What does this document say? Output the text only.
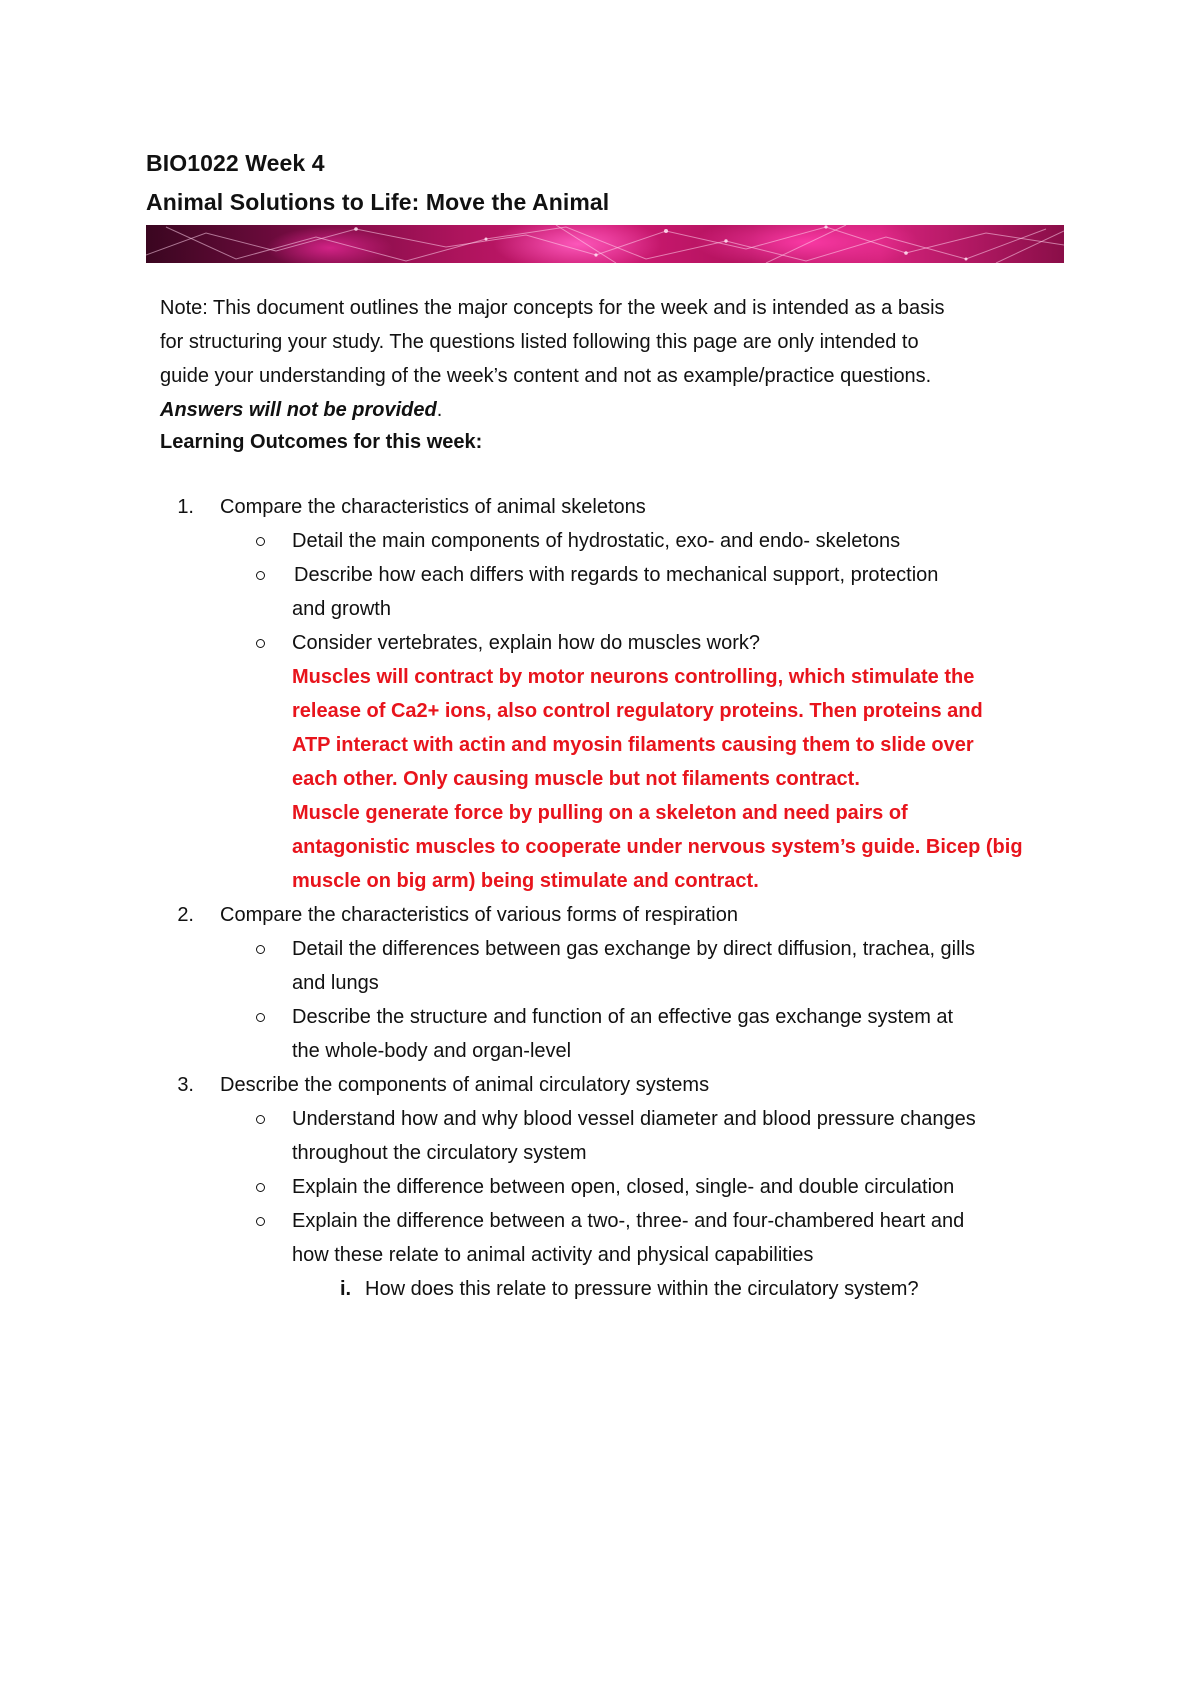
BIO1022 Week 4
Animal Solutions to Life: Move the Animal
Note: This document outlines the major concepts for the week and is intended as a basis
for structuring your study. The questions listed following this page are only intended to
guide your understanding of the week’s content and not as example/practice questions.
Answers will not be provided.
Learning Outcomes for this week:
1. Compare the characteristics of animal skeletons
Detail the main components of hydrostatic, exo- and endo- skeletons
Describe how each differs with regards to mechanical support, protection
and growth
Consider vertebrates, explain how do muscles work?
Muscles will contract by motor neurons controlling, which stimulate the
release of Ca2+ ions, also control regulatory proteins. Then proteins and
ATP interact with actin and myosin filaments causing them to slide over
each other. Only causing muscle but not filaments contract.
Muscle generate force by pulling on a skeleton and need pairs of
antagonistic muscles to cooperate under nervous system’s guide. Bicep (big
muscle on big arm) being stimulate and contract.
2. Compare the characteristics of various forms of respiration
Detail the differences between gas exchange by direct diffusion, trachea, gills
and lungs
Describe the structure and function of an effective gas exchange system at
the whole-body and organ-level
3. Describe the components of animal circulatory systems
Understand how and why blood vessel diameter and blood pressure changes
throughout the circulatory system
Explain the difference between open, closed, single- and double circulation
Explain the difference between a two-, three- and four-chambered heart and
how these relate to animal activity and physical capabilities
i. How does this relate to pressure within the circulatory system?
